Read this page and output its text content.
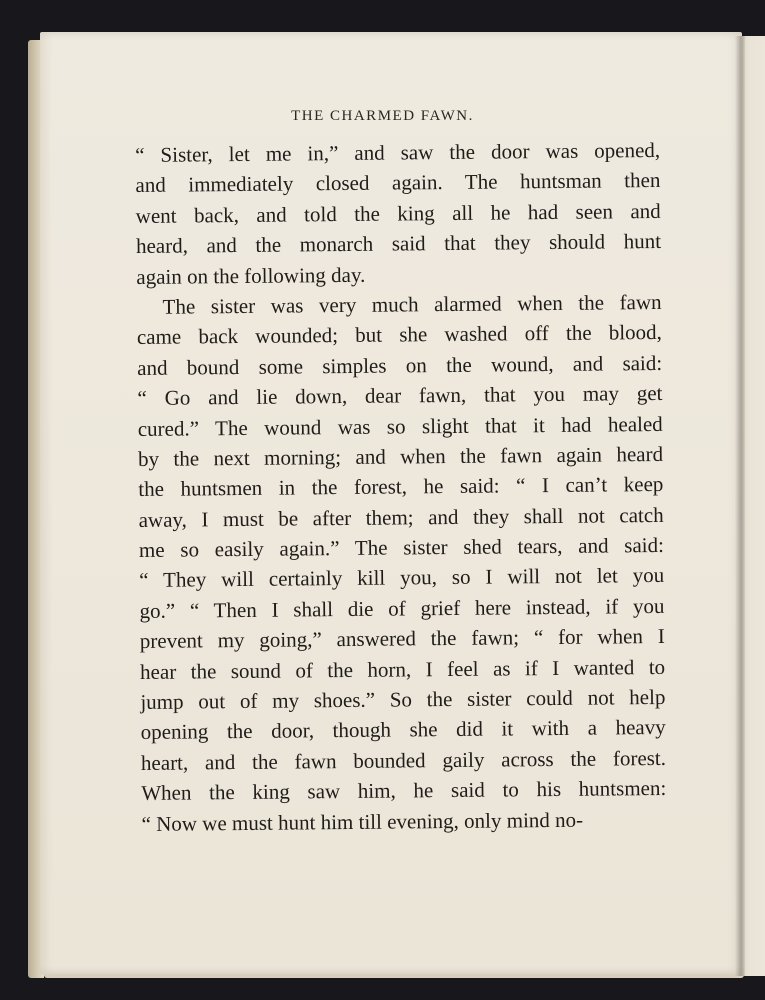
THE CHARMED FAWN.
“ Sister, let me in,” and saw the door was opened,
and immediately closed again. The huntsman then
went back, and told the king all he had seen and
heard, and the monarch said that they should hunt
again on the following day.
The sister was very much alarmed when the fawn
came back wounded; but she washed off the blood,
and bound some simples on the wound, and said:
“ Go and lie down, dear fawn, that you may get
cured.” The wound was so slight that it had healed
by the next morning; and when the fawn again heard
the huntsmen in the forest, he said: “ I can’t keep
away, I must be after them; and they shall not catch
me so easily again.” The sister shed tears, and said:
“ They will certainly kill you, so I will not let you
go.” “ Then I shall die of grief here instead, if you
prevent my going,” answered the fawn; “ for when I
hear the sound of the horn, I feel as if I wanted to
jump out of my shoes.” So the sister could not help
opening the door, though she did it with a heavy
heart, and the fawn bounded gaily across the forest.
When the king saw him, he said to his huntsmen:
“ Now we must hunt him till evening, only mind no-
